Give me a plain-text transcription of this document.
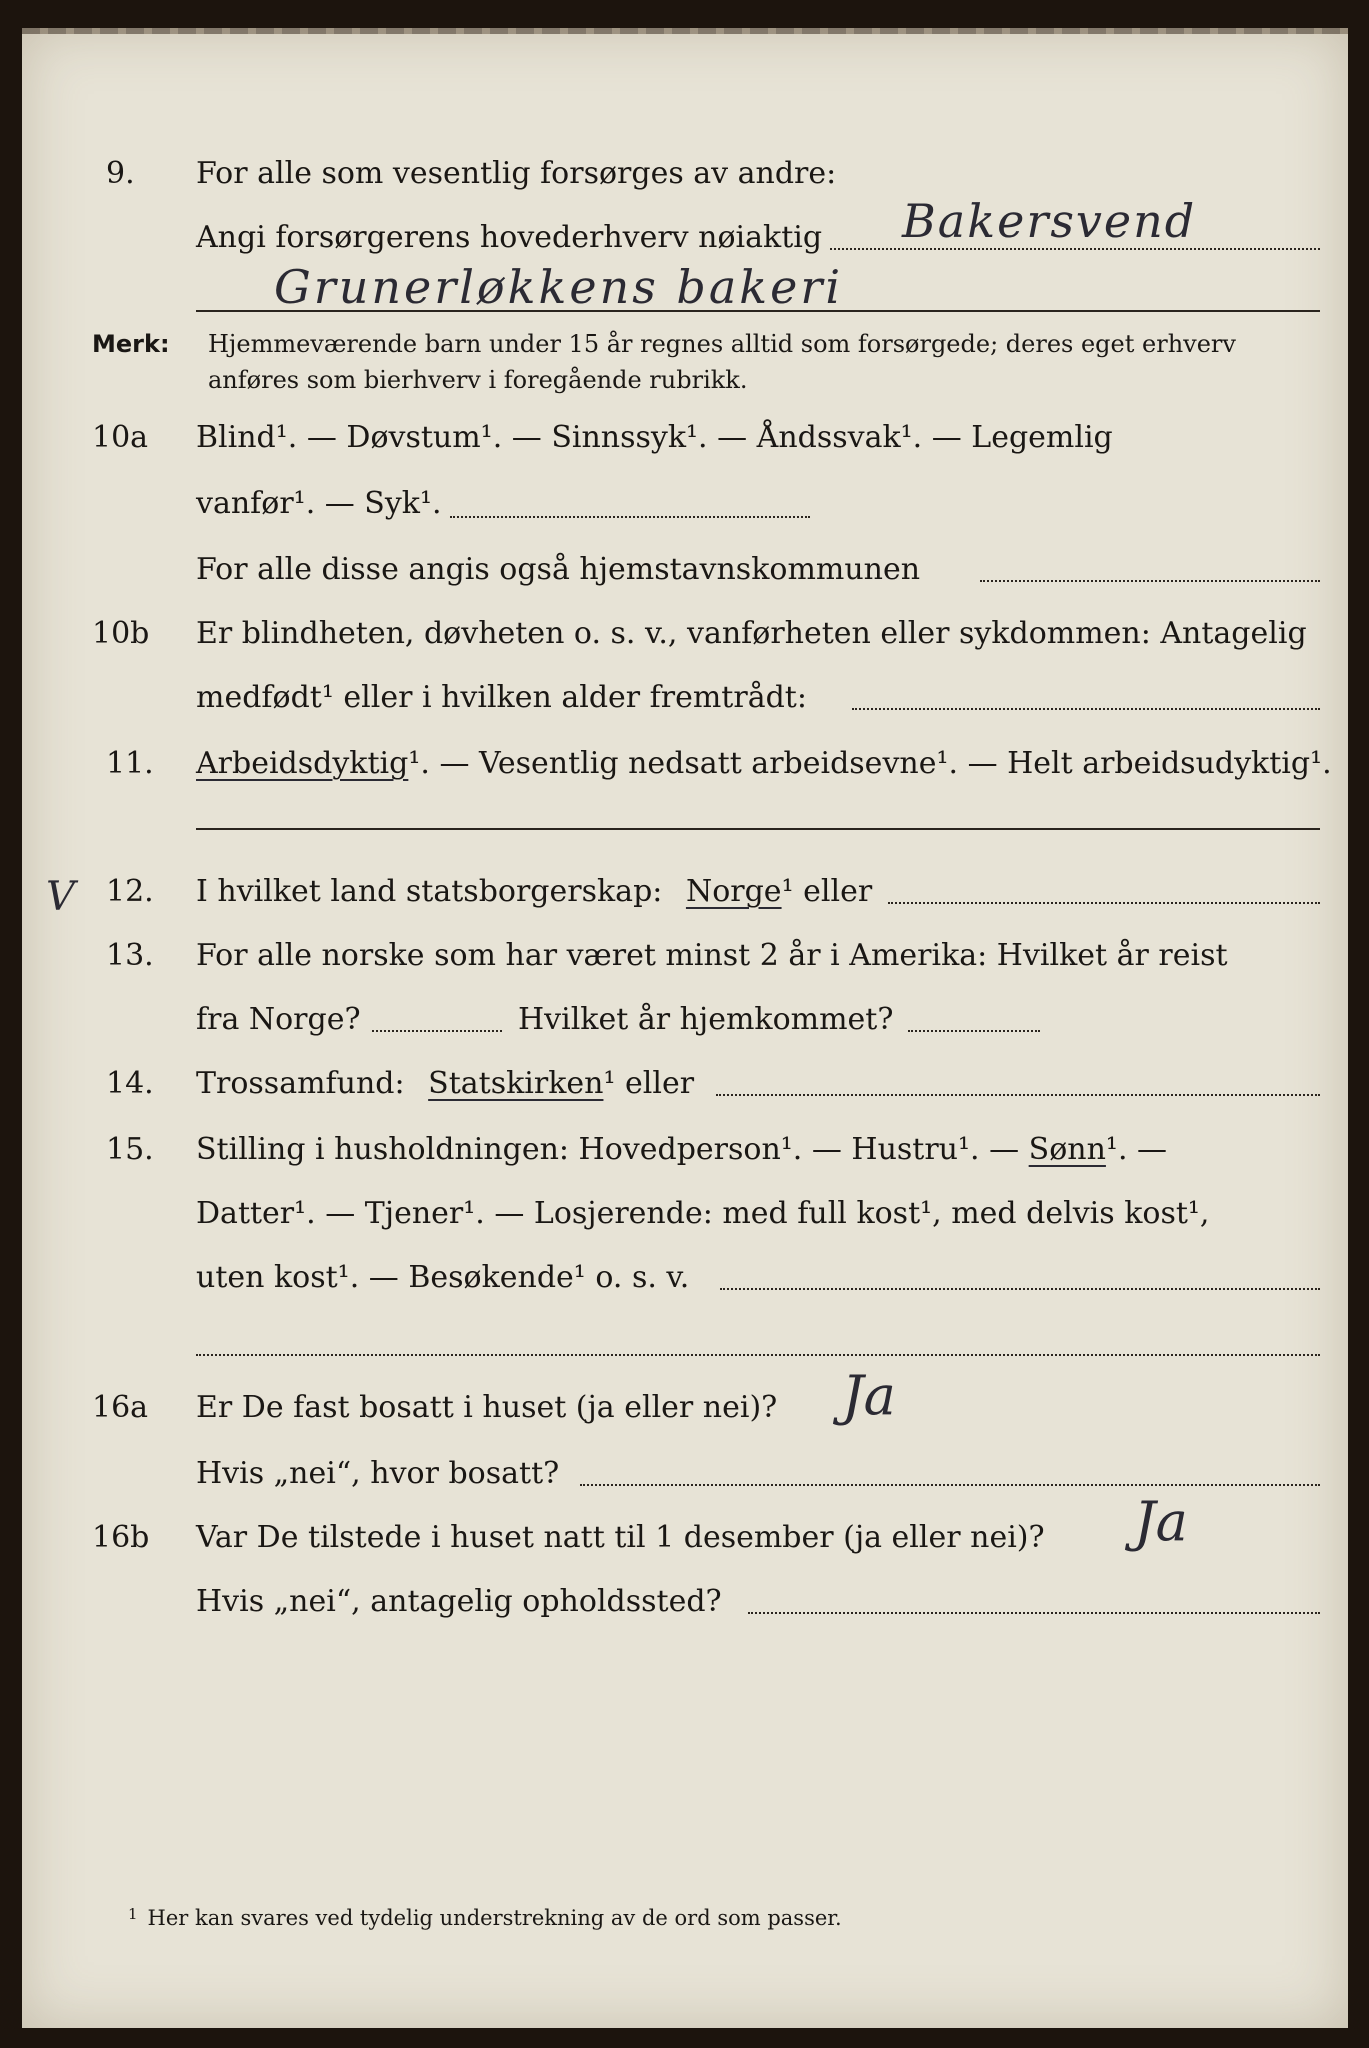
9. For alle som vesentlig forsørges av andre:
Angi forsørgerens hovederhverv nøiaktig Bakersvend
Grunerløkkens bakeri
Merk: Hjemmeværende barn under 15 år regnes alltid som forsørgede; deres eget erhverv
anføres som bierhverv i foregående rubrikk.
10a Blind¹. — Døvstum¹. — Sinnssyk¹. — Åndssvak¹. — Legemlig
vanfør¹. — Syk¹.
For alle disse angis også hjemstavnskommunen
10b Er blindheten, døvheten o. s. v., vanførheten eller sykdommen: Antagelig
medfødt¹ eller i hvilken alder fremtrådt:
11. Arbeidsdyktig¹. — Vesentlig nedsatt arbeidsevne¹. — Helt arbeidsudyktig¹.
V 12. I hvilket land statsborgerskap: Norge¹ eller
13. For alle norske som har været minst 2 år i Amerika: Hvilket år reist
fra Norge?	Hvilket år hjemkommet?
14. Trossamfund: Statskirken¹ eller
15. Stilling i husholdningen: Hovedperson¹. — Hustru¹. — Sønn¹. —
Datter¹. — Tjener¹. — Losjerende: med full kost¹, med delvis kost¹,
uten kost¹. — Besøkende¹ o. s. v.
16a Er De fast bosatt i huset (ja eller nei)? Ja
Hvis „nei“, hvor bosatt?
16b Var De tilstede i huset natt til 1 desember (ja eller nei)? Ja
Hvis „nei“, antagelig opholdssted?
$^1$ Her kan svares ved tydelig understrekning av de ord som passer.
